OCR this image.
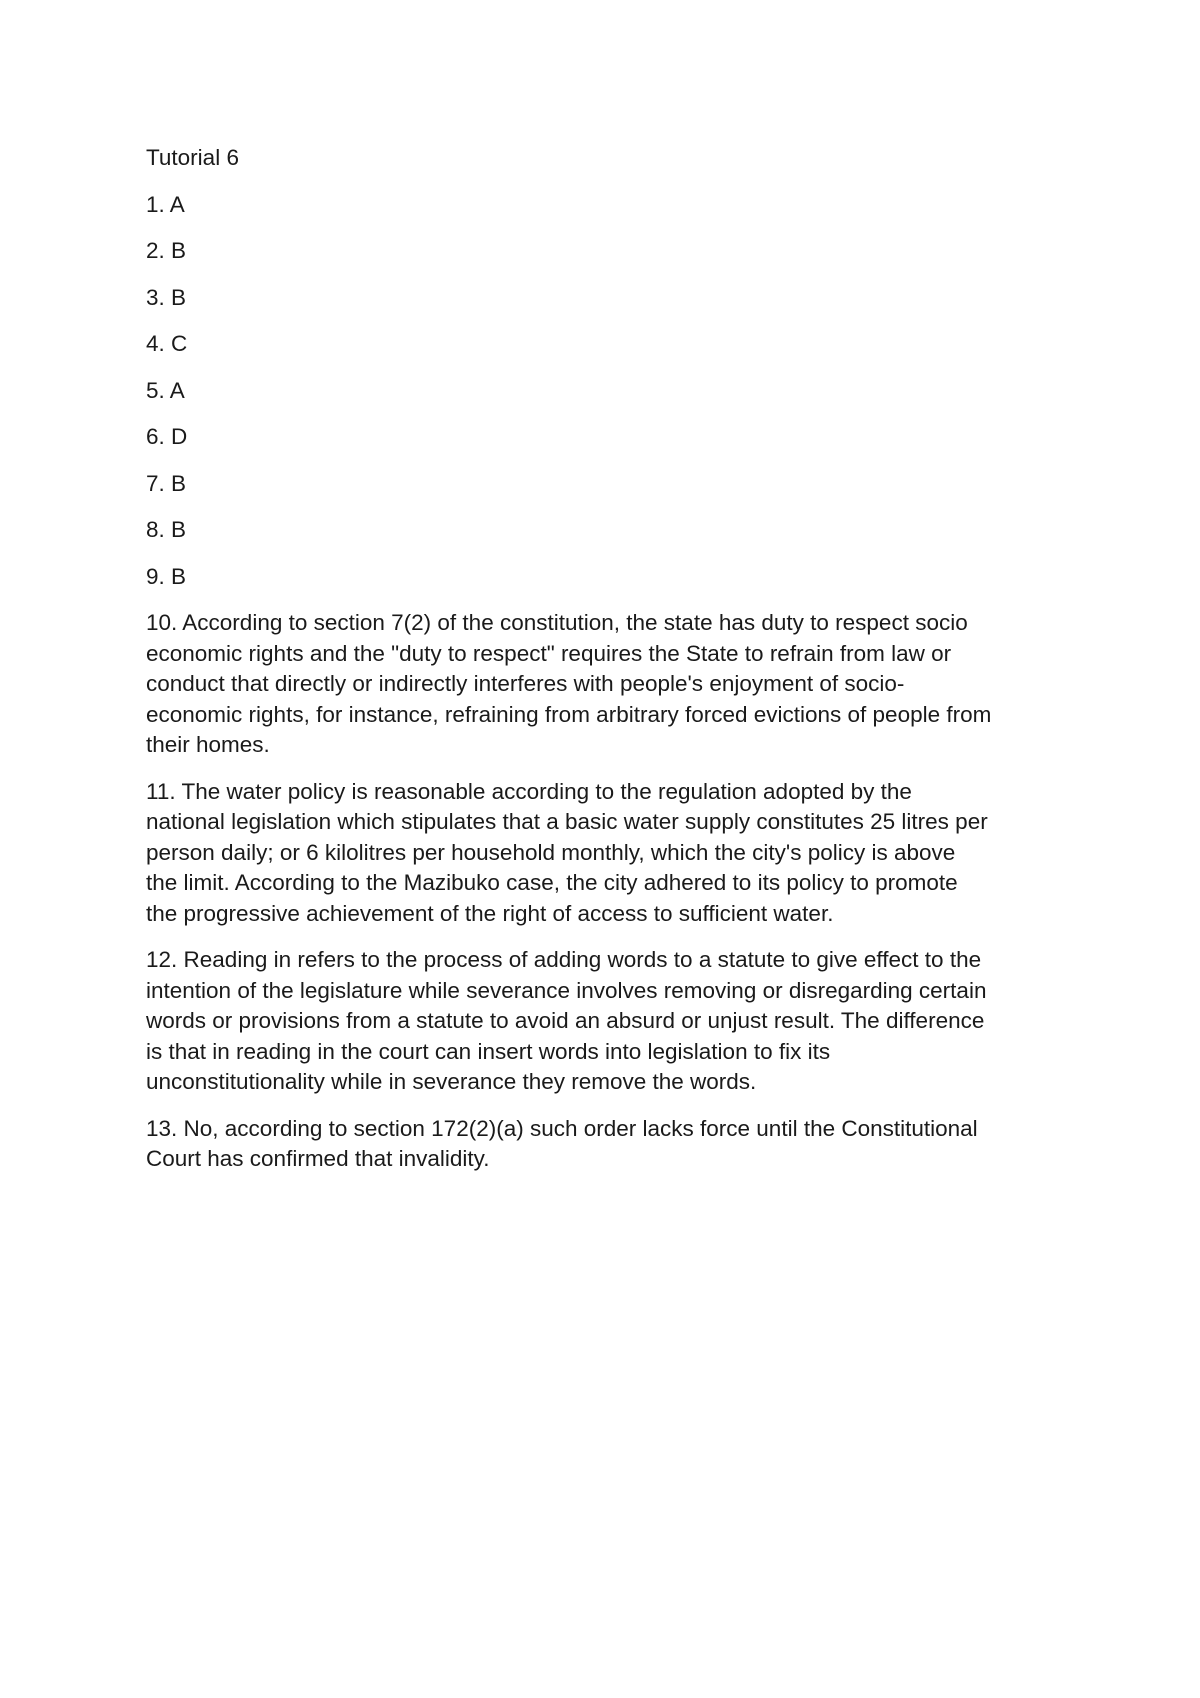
Tutorial 6
1. A
2. B
3. B
4. C
5. A
6. D
7. B
8. B
9. B
10. According to section 7(2) of the constitution, the state has duty to respect socio
economic rights and the "duty to respect" requires the State to refrain from law or
conduct that directly or indirectly interferes with people's enjoyment of socio-
economic rights, for instance, refraining from arbitrary forced evictions of people from
their homes.
11. The water policy is reasonable according to the regulation adopted by the
national legislation which stipulates that a basic water supply constitutes 25 litres per
person daily; or 6 kilolitres per household monthly, which the city's policy is above
the limit. According to the Mazibuko case, the city adhered to its policy to promote
the progressive achievement of the right of access to sufficient water.
12. Reading in refers to the process of adding words to a statute to give effect to the
intention of the legislature while severance involves removing or disregarding certain
words or provisions from a statute to avoid an absurd or unjust result. The difference
is that in reading in the court can insert words into legislation to fix its
unconstitutionality while in severance they remove the words.
13. No, according to section 172(2)(a) such order lacks force until the Constitutional
Court has confirmed that invalidity.
